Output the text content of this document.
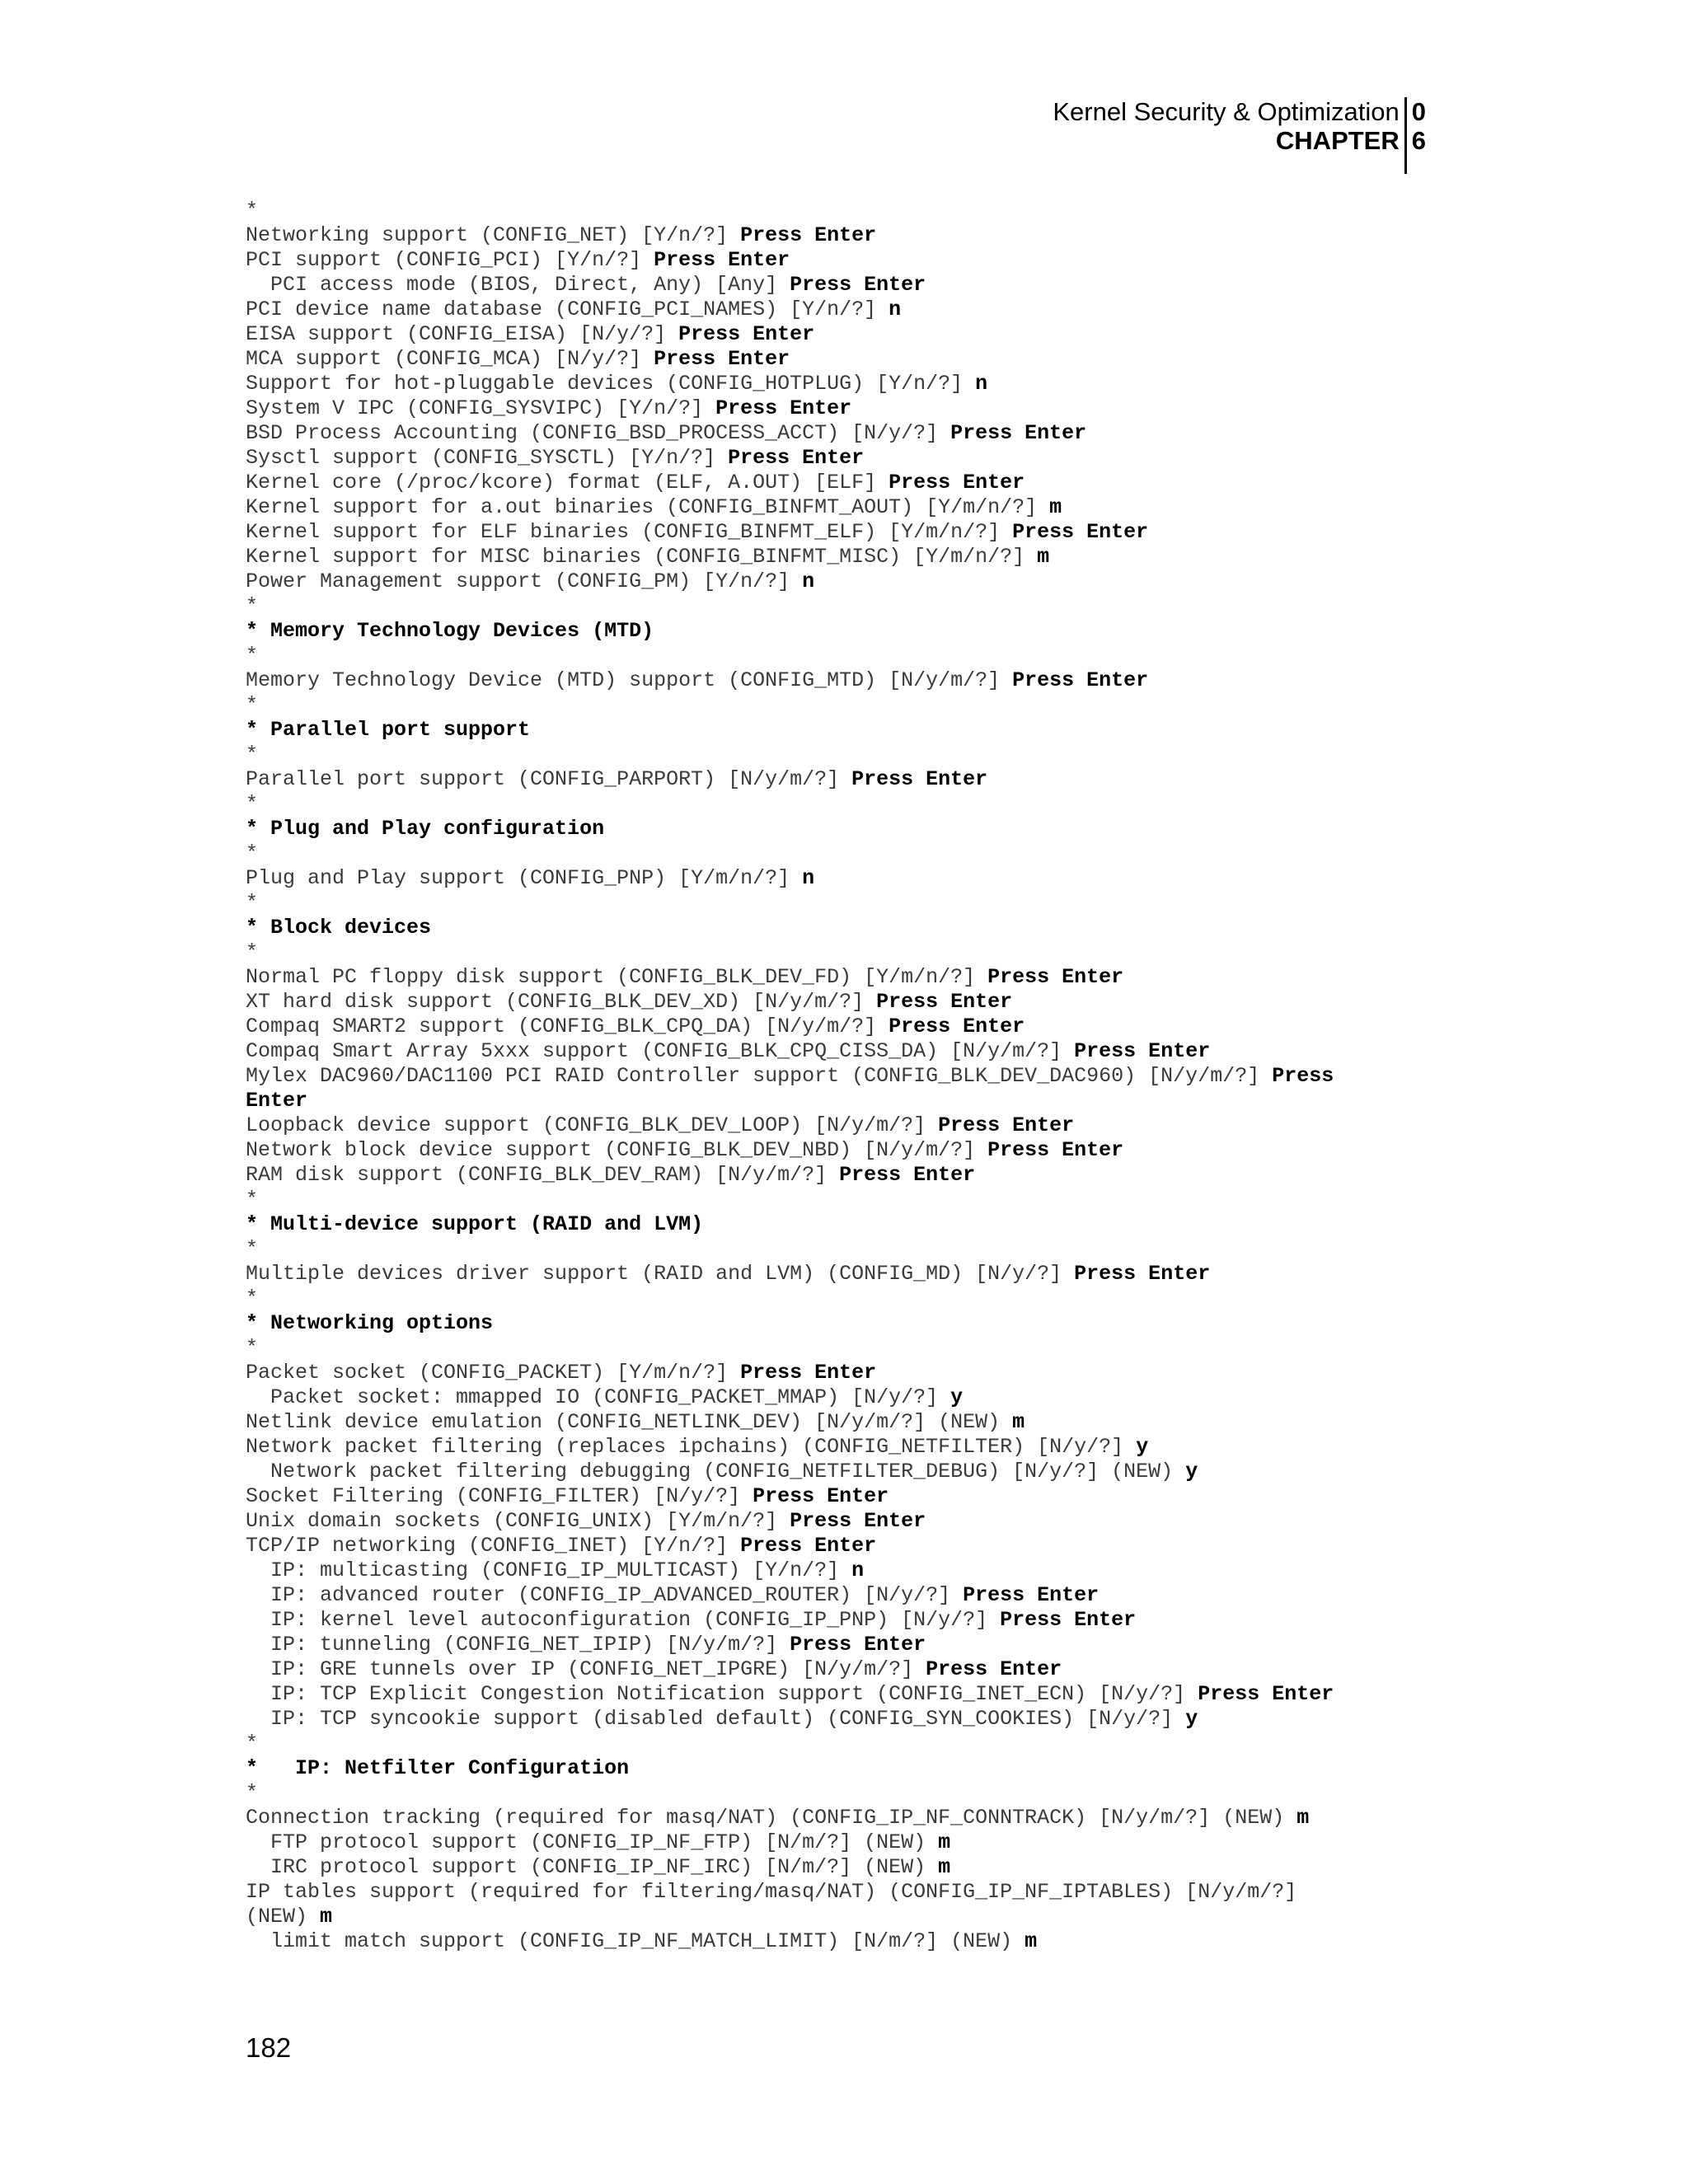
Kernel Security & Optimization
CHAPTER
0
6
*
Networking support (CONFIG_NET) [Y/n/?] Press Enter
PCI support (CONFIG_PCI) [Y/n/?] Press Enter
PCI access mode (BIOS, Direct, Any) [Any] Press Enter
PCI device name database (CONFIG_PCI_NAMES) [Y/n/?] n
EISA support (CONFIG_EISA) [N/y/?] Press Enter
MCA support (CONFIG_MCA) [N/y/?] Press Enter
Support for hot-pluggable devices (CONFIG_HOTPLUG) [Y/n/?] n
System V IPC (CONFIG_SYSVIPC) [Y/n/?] Press Enter
BSD Process Accounting (CONFIG_BSD_PROCESS_ACCT) [N/y/?] Press Enter
Sysctl support (CONFIG_SYSCTL) [Y/n/?] Press Enter
Kernel core (/proc/kcore) format (ELF, A.OUT) [ELF] Press Enter
Kernel support for a.out binaries (CONFIG_BINFMT_AOUT) [Y/m/n/?] m
Kernel support for ELF binaries (CONFIG_BINFMT_ELF) [Y/m/n/?] Press Enter
Kernel support for MISC binaries (CONFIG_BINFMT_MISC) [Y/m/n/?] m
Power Management support (CONFIG_PM) [Y/n/?] n
*
* Memory Technology Devices (MTD)
*
Memory Technology Device (MTD) support (CONFIG_MTD) [N/y/m/?] Press Enter
*
* Parallel port support
*
Parallel port support (CONFIG_PARPORT) [N/y/m/?] Press Enter
*
* Plug and Play configuration
*
Plug and Play support (CONFIG_PNP) [Y/m/n/?] n
*
* Block devices
*
Normal PC floppy disk support (CONFIG_BLK_DEV_FD) [Y/m/n/?] Press Enter
XT hard disk support (CONFIG_BLK_DEV_XD) [N/y/m/?] Press Enter
Compaq SMART2 support (CONFIG_BLK_CPQ_DA) [N/y/m/?] Press Enter
Compaq Smart Array 5xxx support (CONFIG_BLK_CPQ_CISS_DA) [N/y/m/?] Press Enter
Mylex DAC960/DAC1100 PCI RAID Controller support (CONFIG_BLK_DEV_DAC960) [N/y/m/?] Press
Enter
Loopback device support (CONFIG_BLK_DEV_LOOP) [N/y/m/?] Press Enter
Network block device support (CONFIG_BLK_DEV_NBD) [N/y/m/?] Press Enter
RAM disk support (CONFIG_BLK_DEV_RAM) [N/y/m/?] Press Enter
*
* Multi-device support (RAID and LVM)
*
Multiple devices driver support (RAID and LVM) (CONFIG_MD) [N/y/?] Press Enter
*
* Networking options
*
Packet socket (CONFIG_PACKET) [Y/m/n/?] Press Enter
Packet socket: mmapped IO (CONFIG_PACKET_MMAP) [N/y/?] y
Netlink device emulation (CONFIG_NETLINK_DEV) [N/y/m/?] (NEW) m
Network packet filtering (replaces ipchains) (CONFIG_NETFILTER) [N/y/?] y
Network packet filtering debugging (CONFIG_NETFILTER_DEBUG) [N/y/?] (NEW) y
Socket Filtering (CONFIG_FILTER) [N/y/?] Press Enter
Unix domain sockets (CONFIG_UNIX) [Y/m/n/?] Press Enter
TCP/IP networking (CONFIG_INET) [Y/n/?] Press Enter
IP: multicasting (CONFIG_IP_MULTICAST) [Y/n/?] n
IP: advanced router (CONFIG_IP_ADVANCED_ROUTER) [N/y/?] Press Enter
IP: kernel level autoconfiguration (CONFIG_IP_PNP) [N/y/?] Press Enter
IP: tunneling (CONFIG_NET_IPIP) [N/y/m/?] Press Enter
IP: GRE tunnels over IP (CONFIG_NET_IPGRE) [N/y/m/?] Press Enter
IP: TCP Explicit Congestion Notification support (CONFIG_INET_ECN) [N/y/?] Press Enter
IP: TCP syncookie support (disabled default) (CONFIG_SYN_COOKIES) [N/y/?] y
*
*   IP: Netfilter Configuration
*
Connection tracking (required for masq/NAT) (CONFIG_IP_NF_CONNTRACK) [N/y/m/?] (NEW) m
FTP protocol support (CONFIG_IP_NF_FTP) [N/m/?] (NEW) m
IRC protocol support (CONFIG_IP_NF_IRC) [N/m/?] (NEW) m
IP tables support (required for filtering/masq/NAT) (CONFIG_IP_NF_IPTABLES) [N/y/m/?]
(NEW) m
limit match support (CONFIG_IP_NF_MATCH_LIMIT) [N/m/?] (NEW) m
182
